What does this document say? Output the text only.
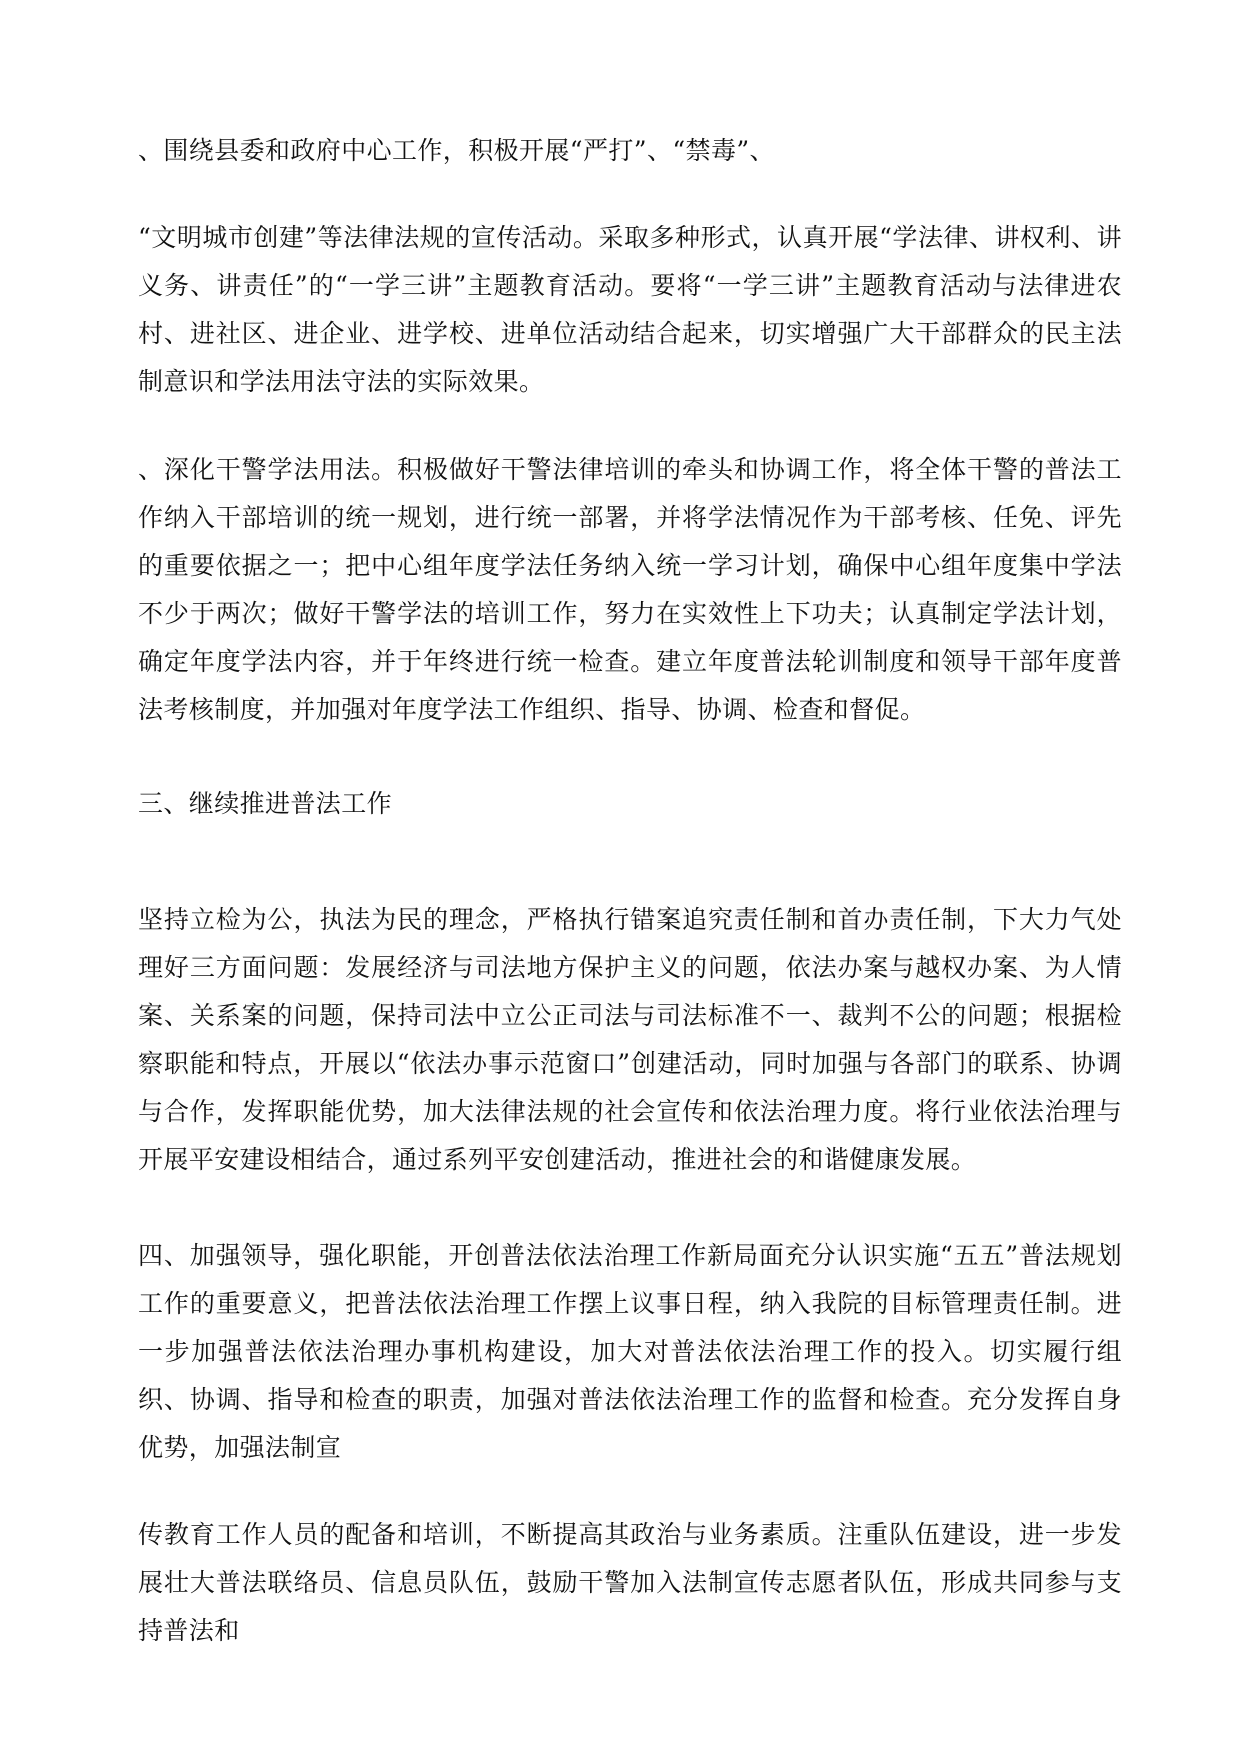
、围绕县委和政府中心工作，积极开展“严打”、“禁毒”、

“文明城市创建”等法律法规的宣传活动。采取多种形式，认真开展“学法律、讲权利、讲义务、讲责任”的“一学三讲”主题教育活动。要将“一学三讲”主题教育活动与法律进农村、进社区、进企业、进学校、进单位活动结合起来，切实增强广大干部群众的民主法制意识和学法用法守法的实际效果。

、深化干警学法用法。积极做好干警法律培训的牵头和协调工作，将全体干警的普法工作纳入干部培训的统一规划，进行统一部署，并将学法情况作为干部考核、任免、评先的重要依据之一；把中心组年度学法任务纳入统一学习计划，确保中心组年度集中学法不少于两次；做好干警学法的培训工作，努力在实效性上下功夫；认真制定学法计划，确定年度学法内容，并于年终进行统一检查。建立年度普法轮训制度和领导干部年度普法考核制度，并加强对年度学法工作组织、指导、协调、检查和督促。

三、继续推进普法工作

坚持立检为公，执法为民的理念，严格执行错案追究责任制和首办责任制，下大力气处理好三方面问题：发展经济与司法地方保护主义的问题，依法办案与越权办案、为人情案、关系案的问题，保持司法中立公正司法与司法标准不一、裁判不公的问题；根据检察职能和特点，开展以“依法办事示范窗口”创建活动，同时加强与各部门的联系、协调与合作，发挥职能优势，加大法律法规的社会宣传和依法治理力度。将行业依法治理与开展平安建设相结合，通过系列平安创建活动，推进社会的和谐健康发展。

四、加强领导，强化职能，开创普法依法治理工作新局面充分认识实施“五五”普法规划工作的重要意义，把普法依法治理工作摆上议事日程，纳入我院的目标管理责任制。进一步加强普法依法治理办事机构建设，加大对普法依法治理工作的投入。切实履行组织、协调、指导和检查的职责，加强对普法依法治理工作的监督和检查。充分发挥自身优势，加强法制宣

传教育工作人员的配备和培训，不断提高其政治与业务素质。注重队伍建设，进一步发展壮大普法联络员、信息员队伍，鼓励干警加入法制宣传志愿者队伍，形成共同参与支持普法和
